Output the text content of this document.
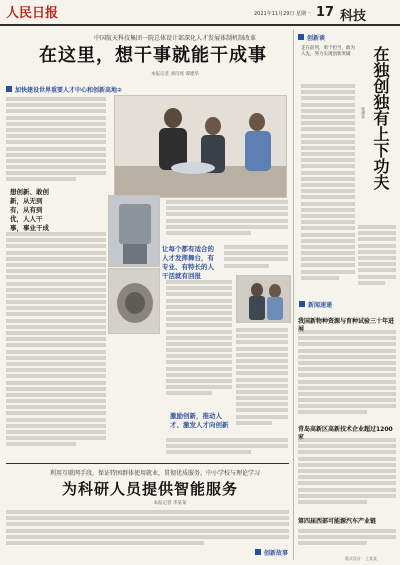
人民日报	2021年11月29日 星期一 17 科技
中国航天科技集团一院总体设计部深化人才发展体制机制改革
在这里，想干事就能干成事
本报记者 刘诗瑶 谭建华
加快建设世界重要人才中心和创新高地②
想创新、敢创新，从无到有，从有到优，人人干事，事业干成
让每个都有适合的人才发挥舞台，有专业、有特长的人干活就有回报
激励创新，推动人才、激发人才向创新
创新谈
走在前列，勇于担当，敢为人先，努力实现创新突破 在独创独有上下功夫
张建华
新闻速递
我国新物种资源与育种试验三十年进
青岛高新区高新技术企业超过1200
第四届西部可能源汽车产业链
利用互联网手段，保证特困群体使用就业，贯彻优质服务，中小学校与理论学习
为科研人员提供智能服务
本报记者 李某某
创新故事
版式设计：王某某
